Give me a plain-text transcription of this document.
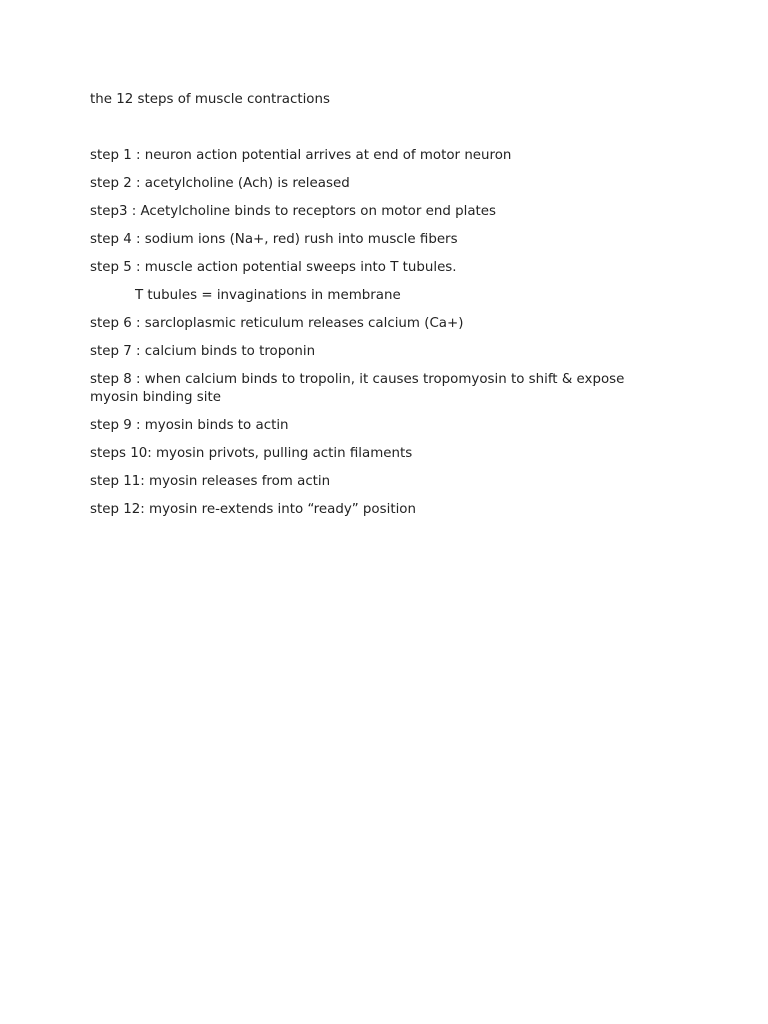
the 12 steps of muscle contractions
step 1 : neuron action potential arrives at end of motor neuron
step 2 : acetylcholine (Ach) is released
step3 : Acetylcholine binds to receptors on motor end plates
step 4 : sodium ions (Na+, red) rush into muscle fibers
step 5 : muscle action potential sweeps into T tubules.
T tubules = invaginations in membrane
step 6 : sarcloplasmic reticulum releases calcium (Ca+)
step 7 : calcium binds to troponin
step 8 : when calcium binds to tropolin, it causes tropomyosin to shift & expose myosin binding site
step 9 : myosin binds to actin
steps 10: myosin privots, pulling actin filaments
step 11: myosin releases from actin
step 12: myosin re-extends into “ready” position
